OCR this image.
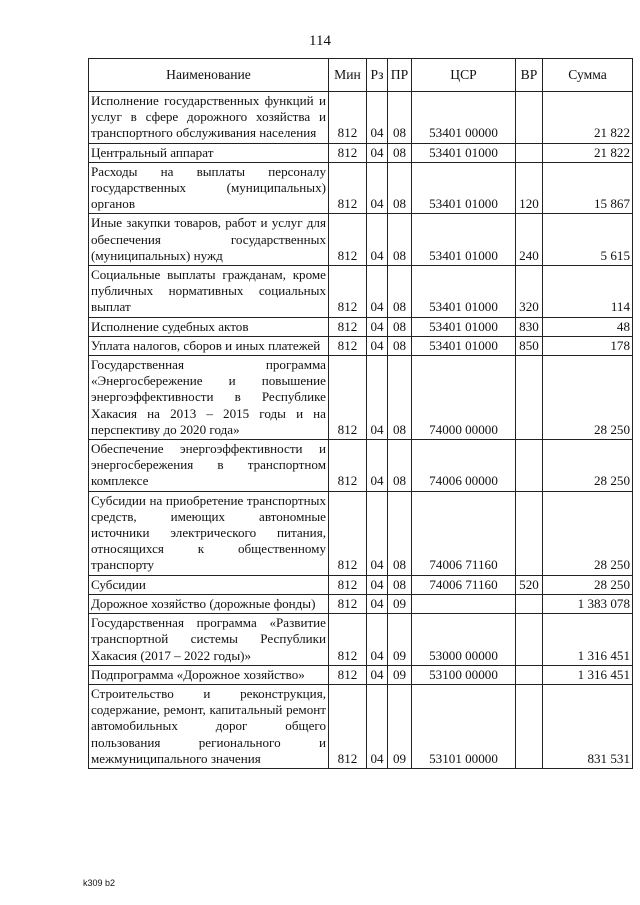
114
Наименование	Мин	Рз	ПР	ЦСР	ВР	Сумма
Исполнение государственных функций и услуг в сфере дорожного хозяйства и транспортного обслуживания населения	812	04	08	53401 00000		21 822
Центральный аппарат	812	04	08	53401 01000		21 822
Расходы на выплаты персоналу государственных (муниципальных) органов	812	04	08	53401 01000	120	15 867
Иные закупки товаров, работ и услуг для обеспечения государственных (муниципальных) нужд	812	04	08	53401 01000	240	5 615
Социальные выплаты гражданам, кроме публичных нормативных социальных выплат	812	04	08	53401 01000	320	114
Исполнение судебных актов	812	04	08	53401 01000	830	48
Уплата налогов, сборов и иных платежей	812	04	08	53401 01000	850	178
Государственная программа «Энергосбережение и повышение энергоэффективности в Республике Хакасия на 2013 – 2015 годы и на перспективу до 2020 года»	812	04	08	74000 00000		28 250
Обеспечение энергоэффективности и энергосбережения в транспортном комплексе	812	04	08	74006 00000		28 250
Субсидии на приобретение транспортных средств, имеющих автономные источники электрического питания, относящихся к общественному транспорту	812	04	08	74006 71160		28 250
Субсидии	812	04	08	74006 71160	520	28 250
Дорожное хозяйство (дорожные фонды)	812	04	09			1 383 078
Государственная программа «Развитие транспортной системы Республики Хакасия (2017 – 2022 годы)»	812	04	09	53000 00000		1 316 451
Подпрограмма «Дорожное хозяйство»	812	04	09	53100 00000		1 316 451
Строительство и реконструкция, содержание, ремонт, капитальный ремонт автомобильных дорог общего пользования регионального и межмуниципального значения	812	04	09	53101 00000		831 531
k309 b2
